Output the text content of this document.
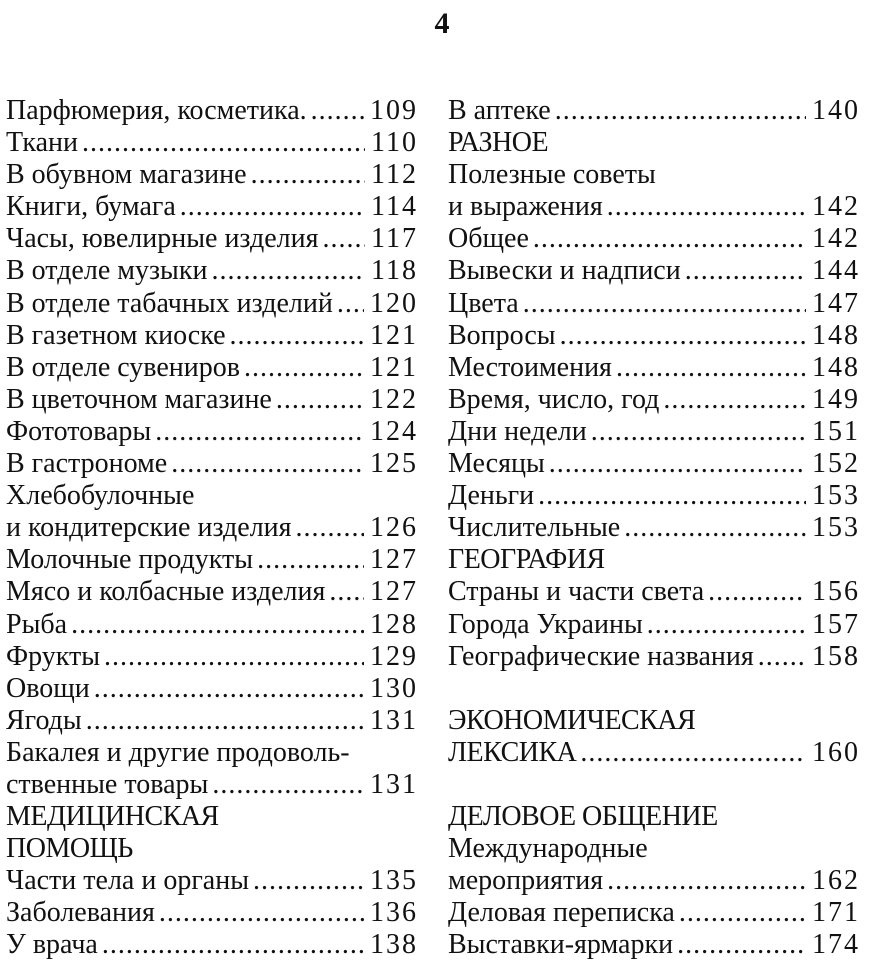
4
Парфюмерия, косметика. ..... 109
Ткани .....	110
В обувном магазине .....	112
Книги, бумага .....	114
Часы, ювелирные изделия ..... 117
В отделе музыки .....	118
В отделе табачных изделий ..... 120
В газетном киоске .....	121
В отделе сувениров .....	121
В цветочном магазине .....	122
Фототовары .....	124
В гастрономе .....	125
Хлебобулочные
и кондитерские изделия .....	126
Молочные продукты .....	127
Мясо и колбасные изделия ..... 127
Рыба .....	128
Фрукты .....	129
Овощи .....	130
Ягоды .....	131
Бакалея и другие продоволь-
ственные товары .....	131
МЕДИЦИНСКАЯ
ПОМОЩЬ
Части тела и органы .....	135
Заболевания .....	136
У врача .....	138
В аптеке .....	140
РАЗНОЕ
Полезные советы
и выражения .....	142
Общее .....	142
Вывески и надписи .....	144
Цвета .....	147
Вопросы .....	148
Местоимения .....	148
Время, число, год .....	149
Дни недели .....	151
Месяцы .....	152
Деньги .....	153
Числительные .....	153
ГЕОГРАФИЯ
Страны и части света .....	156
Города Украины .....	157
Географические названия ..... 158
ЭКОНОМИЧЕСКАЯ
ЛЕКСИКА .....	160
ДЕЛОВОЕ ОБЩЕНИЕ
Международные
мероприятия .....	162
Деловая переписка .....	171
Выставки-ярмарки .....	174
